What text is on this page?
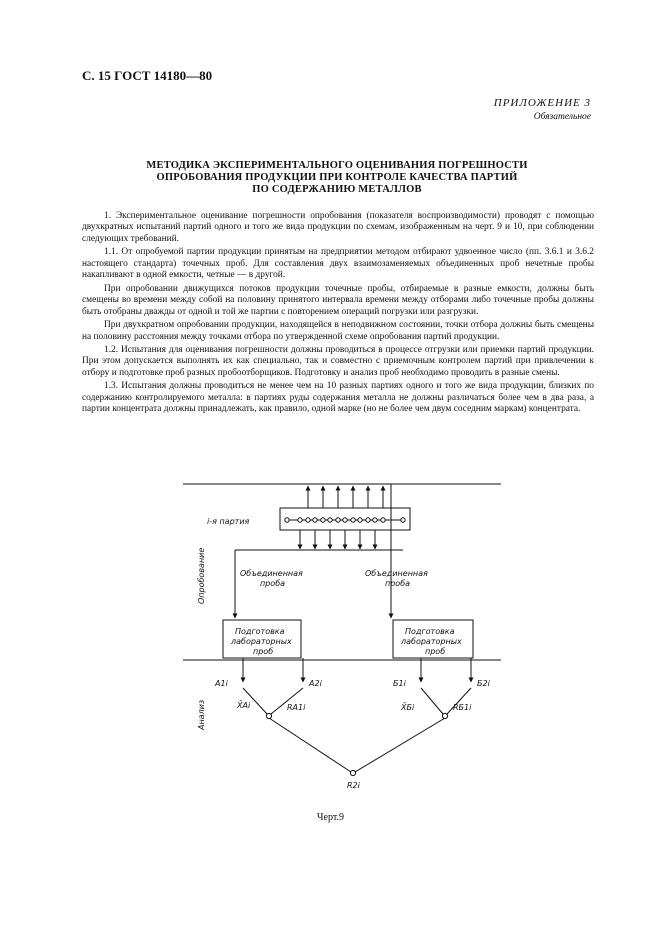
С. 15 ГОСТ 14180—80
ПРИЛОЖЕНИЕ 3
Обязательное
МЕТОДИКА ЭКСПЕРИМЕНТАЛЬНОГО ОЦЕНИВАНИЯ ПОГРЕШНОСТИ
ОПРОБОВАНИЯ ПРОДУКЦИИ ПРИ КОНТРОЛЕ КАЧЕСТВА ПАРТИЙ
ПО СОДЕРЖАНИЮ МЕТАЛЛОВ

1. Экспериментальное оценивание погрешности опробования (показателя воспроизводимости) проводят с помощью двухкратных испытаний партий одного и того же вида продукции по схемам, изображенным на черт. 9 и 10, при соблюдении следующих требований.

1.1. От опробуемой партии продукции принятым на предприятии методом отбирают удвоенное число (пп. 3.6.1 и 3.6.2 настоящего стандарта) точечных проб. Для составления двух взаимозаменяемых объединенных проб нечетные пробы накапливают в одной емкости, четные — в другой.

При опробовании движущихся потоков продукции точечные пробы, отбираемые в разные емкости, должны быть смещены во времени между собой на половину принятого интервала времени между отборами либо точечные пробы должны быть отобраны дважды от одной и той же партии с повторением операций погрузки или разгрузки.

При двухкратном опробовании продукции, находящейся в неподвижном состоянии, точки отбора должны быть смещены на половину расстояния между точками отбора по утвержденной схеме опробования партий продукции.

1.2. Испытания для оценивания погрешности должны проводиться в процессе отгрузки или приемки партий продукции. При этом допускается выполнять их как специально, так и совместно с приемочным контролем партий при привлечении к отбору и подготовке проб разных пробоотборщиков. Подготовку и анализ проб необходимо проводить в разные смены.

1.3. Испытания должны проводиться не менее чем на 10 разных партиях одного и того же вида продукции, близких по содержанию контролируемого металла: в партиях руды содержания металла не должны различаться более чем в два раза, а партии концентрата должны принадлежать, как правило, одной марке (но не более чем двум соседним маркам) концентрата.

Опробование
Анализ
i-я партия
Объединенная
проба
Объединенная
проба
Подготовка
лабораторных
проб
Подготовка
лабораторных
проб
A1i	A2i	Б1i	Б2i
X̄Ai	RA1i	X̄Бi	RБ1i
R2i
Черт.9
